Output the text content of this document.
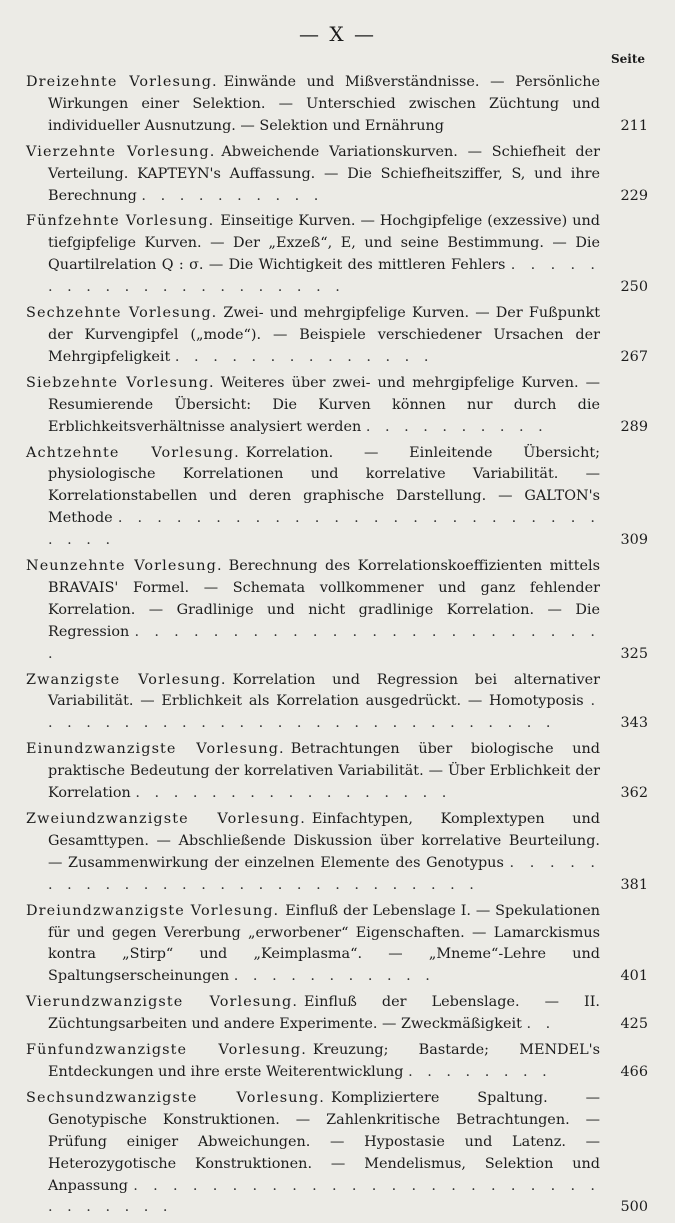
— X —
Seite
Dreizehnte Vorlesung. Einwände und Mißverständnisse. — Persönliche Wirkungen einer Selektion. — Unterschied zwischen Züchtung und individueller Ausnutzung. — Selektion und Ernährung	211
Vierzehnte Vorlesung. Abweichende Variationskurven. — Schiefheit der Verteilung. KAPTEYN's Auffassung. — Die Schiefheitsziffer, S, und ihre Berechnung . . . . . . . . . .	229
Fünfzehnte Vorlesung. Einseitige Kurven. — Hochgipfelige (exzessive) und tiefgipfelige Kurven. — Der „Exzeß“, E, und seine Bestimmung. — Die Quartilrelation Q : σ. — Die Wichtigkeit des mittleren Fehlers . . . . . . . . . . . . . . . . . . . . .	250
Sechzehnte Vorlesung. Zwei- und mehrgipfelige Kurven. — Der Fußpunkt der Kurvengipfel („mode“). — Beispiele verschiedener Ursachen der Mehrgipfeligkeit . . . . . . . . . . . . . .	267
Siebzehnte Vorlesung. Weiteres über zwei- und mehrgipfelige Kurven. — Resumierende Übersicht: Die Kurven können nur durch die Erblichkeitsverhältnisse analysiert werden . . . . . . . . . .	289
Achtzehnte Vorlesung. Korrelation. — Einleitende Übersicht; physiologische Korrelationen und korrelative Variabilität. — Korrelationstabellen und deren graphische Darstellung. — GALTON's Methode . . . . . . . . . . . . . . . . . . . . . . . . . . . . .	309
Neunzehnte Vorlesung. Berechnung des Korrelationskoeffizienten mittels BRAVAIS' Formel. — Schemata vollkommener und ganz fehlender Korrelation. — Gradlinige und nicht gradlinige Korrelation. — Die Regression . . . . . . . . . . . . . . . . . . . . . . . . .	325
Zwanzigste Vorlesung. Korrelation und Regression bei alternativer Variabilität. — Erblichkeit als Korrelation ausgedrückt. — Homotyposis . . . . . . . . . . . . . . . . . . . . . . . . . . . .	343
Einundzwanzigste Vorlesung. Betrachtungen über biologische und praktische Bedeutung der korrelativen Variabilität. — Über Erblichkeit der Korrelation . . . . . . . . . . . . . . . . .	362
Zweiundzwanzigste Vorlesung. Einfachtypen, Komplextypen und Gesamttypen. — Abschließende Diskussion über korrelative Beurteilung. — Zusammenwirkung der einzelnen Elemente des Genotypus . . . . . . . . . . . . . . . . . . . . . . . . . . . .	381
Dreiundzwanzigste Vorlesung. Einfluß der Lebenslage I. — Spekulationen für und gegen Vererbung „erworbener“ Eigenschaften. — Lamarckismus kontra „Stirp“ und „Keimplasma“. — „Mneme“-Lehre und Spaltungserscheinungen . . . . . . . . . . .	401
Vierundzwanzigste Vorlesung. Einfluß der Lebenslage. — II. Züchtungsarbeiten und andere Experimente. — Zweckmäßigkeit . .	425
Fünfundzwanzigste Vorlesung. Kreuzung; Bastarde; MENDEL's Entdeckungen und ihre erste Weiterentwicklung . . . . . . . .	466
Sechsundzwanzigste Vorlesung. Kompliziertere Spaltung. — Genotypische Konstruktionen. — Zahlenkritische Betrachtungen. — Prüfung einiger Abweichungen. — Hypostasie und Latenz. — Heterozygotische Konstruktionen. — Mendelismus, Selektion und Anpassung . . . . . . . . . . . . . . . . . . . . . . . . . . . . . . .	500
